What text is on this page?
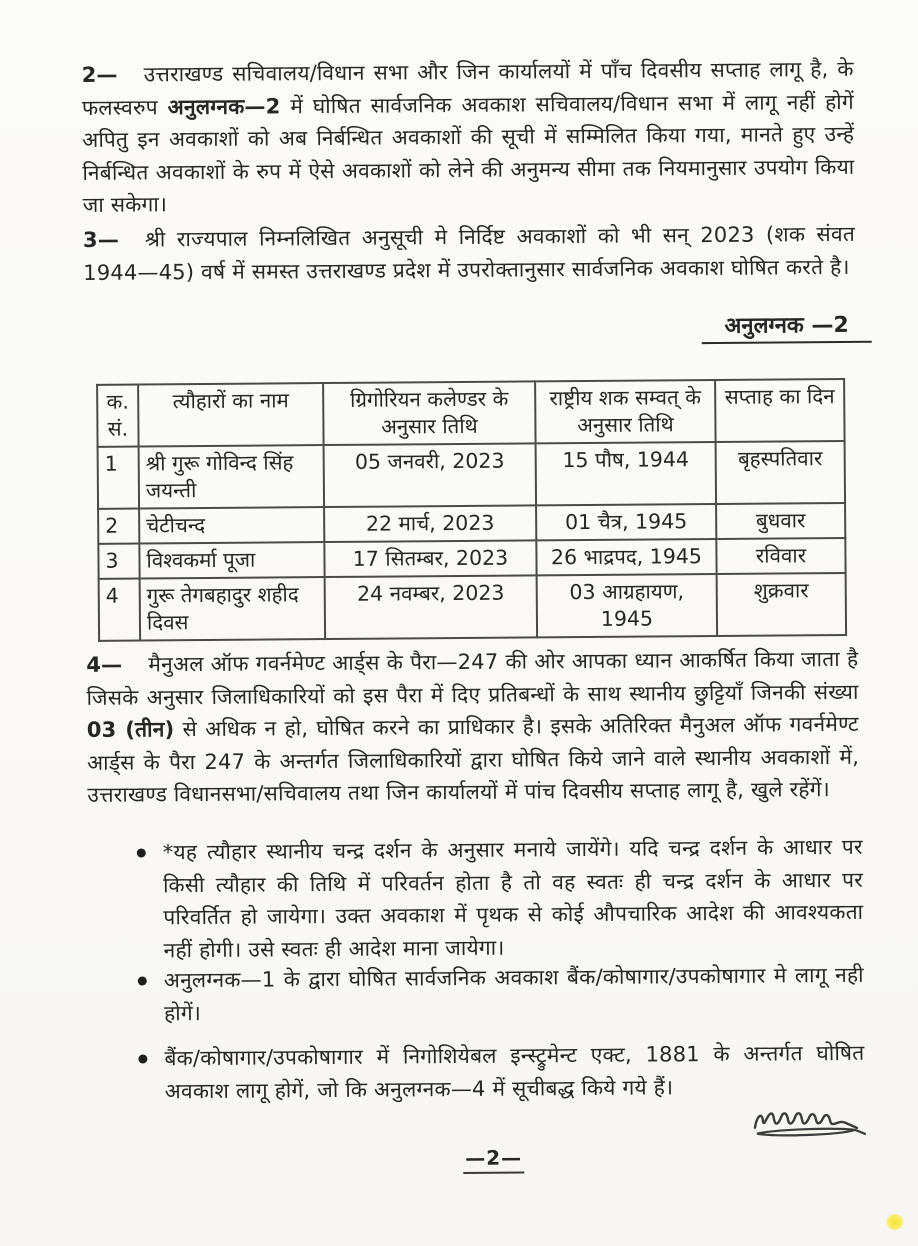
2— उत्तराखण्ड सचिवालय/विधान सभा और जिन कार्यालयों में पाँच दिवसीय सप्ताह लागू है, के फलस्वरुप अनुलग्नक—2 में घोषित सार्वजनिक अवकाश सचिवालय/विधान सभा में लागू नहीं होगें अपितु इन अवकाशों को अब निर्बन्धित अवकाशों की सूची में सम्मिलित किया गया, मानते हुए उन्हें निर्बन्धित अवकाशों के रुप में ऐसे अवकाशों को लेने की अनुमन्य सीमा तक नियमानुसार उपयोग किया जा सकेगा।
3— श्री राज्यपाल निम्नलिखित अनुसूची मे निर्दिष्ट अवकाशों को भी सन् 2023 (शक संवत 1944—45) वर्ष में समस्त उत्तराखण्ड प्रदेश में उपरोक्तानुसार सार्वजनिक अवकाश घोषित करते है।
अनुलग्नक —2
क. सं.	त्यौहारों का नाम	ग्रिगोरियन कलेण्डर के अनुसार तिथि	राष्ट्रीय शक सम्वत् के अनुसार तिथि	सप्ताह का दिन
1	श्री गुरू गोविन्द सिंह जयन्ती	05 जनवरी, 2023	15 पौष, 1944	बृहस्पतिवार
2	चेटीचन्द	22 मार्च, 2023	01 चैत्र, 1945	बुधवार
3	विश्वकर्मा पूजा	17 सितम्बर, 2023	26 भाद्रपद, 1945	रविवार
4	गुरू तेगबहादुर शहीद दिवस	24 नवम्बर, 2023	03 आग्रहायण, 1945	शुक्रवार
4— मैनुअल ऑफ गवर्नमेण्ट आर्ड्स के पैरा—247 की ओर आपका ध्यान आकर्षित किया जाता है जिसके अनुसार जिलाधिकारियों को इस पैरा में दिए प्रतिबन्धों के साथ स्थानीय छुट्टियाँ जिनकी संख्या 03 (तीन) से अधिक न हो, घोषित करने का प्राधिकार है। इसके अतिरिक्त मैनुअल ऑफ गवर्नमेण्ट आर्ड्स के पैरा 247 के अन्तर्गत जिलाधिकारियों द्वारा घोषित किये जाने वाले स्थानीय अवकाशों में, उत्तराखण्ड विधानसभा/सचिवालय तथा जिन कार्यालयों में पांच दिवसीय सप्ताह लागू है, खुले रहेंगें।
*यह त्यौहार स्थानीय चन्द्र दर्शन के अनुसार मनाये जायेंगे। यदि चन्द्र दर्शन के आधार पर किसी त्यौहार की तिथि में परिवर्तन होता है तो वह स्वतः ही चन्द्र दर्शन के आधार पर परिवर्तित हो जायेगा। उक्त अवकाश में पृथक से कोई औपचारिक आदेश की आवश्यकता नहीं होगी। उसे स्वतः ही आदेश माना जायेगा।
अनुलग्नक—1 के द्वारा घोषित सार्वजनिक अवकाश बैंक/कोषागार/उपकोषागार मे लागू नही होगें।
बैंक/कोषागार/उपकोषागार में निगोशियेबल इन्स्ट्रुमेन्ट एक्ट, 1881 के अन्तर्गत घोषित अवकाश लागू होगें, जो कि अनुलग्नक—4 में सूचीबद्ध किये गये हैं।
—2—
